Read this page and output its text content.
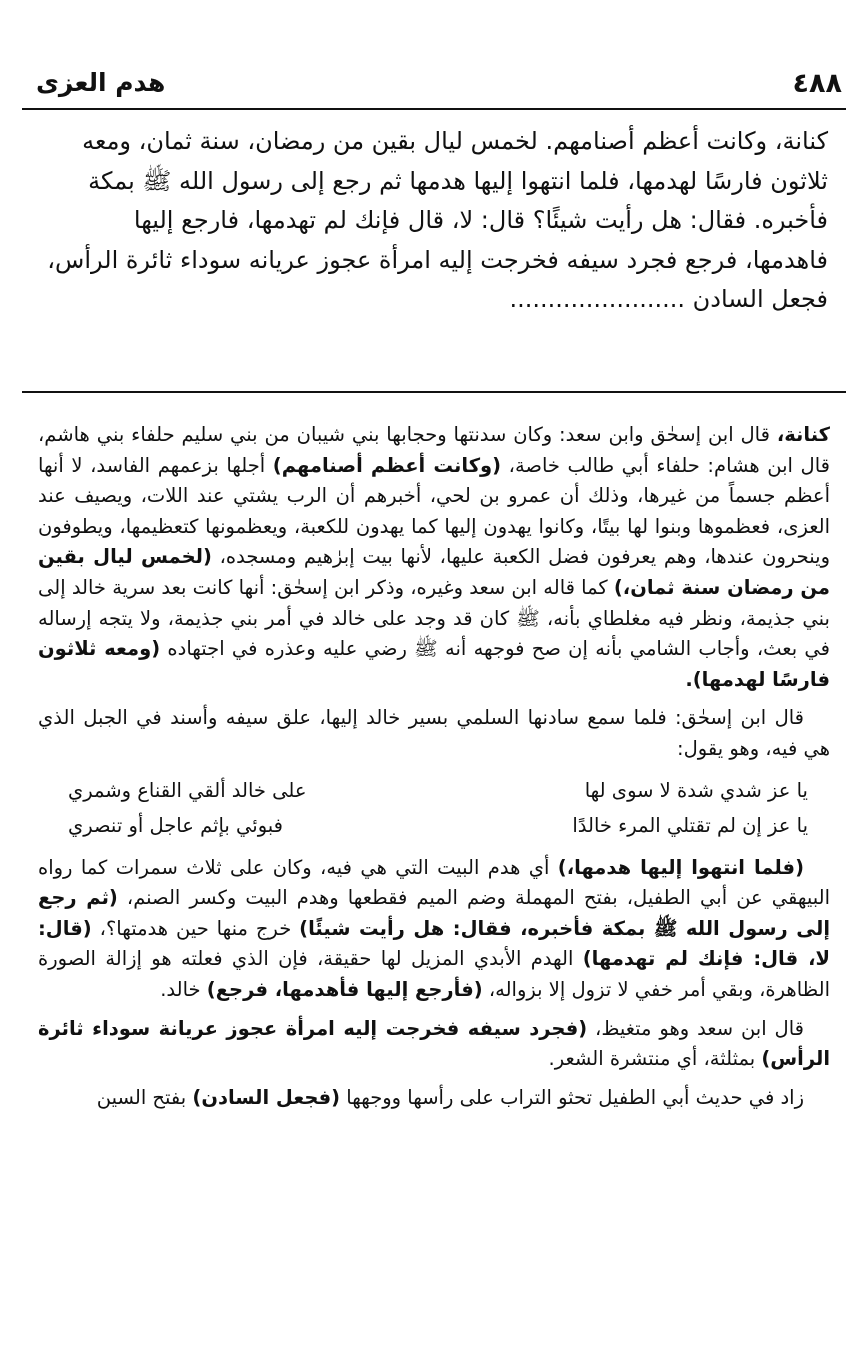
٤٨٨
هدم العزى
كنانة، وكانت أعظم أصنامهم. لخمس ليال بقين من رمضان، سنة ثمان، ومعه
ثلاثون فارسًا لهدمها، فلما انتهوا إليها هدمها ثم رجع إلى رسول الله ﷺ بمكة
فأخبره. فقال: هل رأيت شيئًا؟ قال: لا، قال فإنك لم تهدمها، فارجع إليها
فاهدمها، فرجع فجرد سيفه فخرجت إليه امرأة عجوز عريانه سوداء ثائرة الرأس،
فجعل السادن .......................

كنانة، قال ابن إسحٰق وابن سعد: وكان سدنتها وحجابها بني شيبان من بني سليم حلفاء بني هاشم، قال ابن هشام: حلفاء أبي طالب خاصة، (وكانت أعظم أصنامهم) أجلها بزعمهم الفاسد، لا أنها أعظم جسماً من غيرها، وذلك أن عمرو بن لحي، أخبرهم أن الرب يشتي عند اللات، ويصيف عند العزى، فعظموها وبنوا لها بيتًا، وكانوا يهدون إليها كما يهدون للكعبة، ويعظمونها كتعظيمها، ويطوفون وينحرون عندها، وهم يعرفون فضل الكعبة عليها، لأنها بيت إبرٰهيم ومسجده، (لخمس ليال بقين من رمضان سنة ثمان،) كما قاله ابن سعد وغيره، وذكر ابن إسحٰق: أنها كانت بعد سرية خالد إلى بني جذيمة، ونظر فيه مغلطاي بأنه، ﷺ كان قد وجد على خالد في أمر بني جذيمة، ولا يتجه إرساله في بعث، وأجاب الشامي بأنه إن صح فوجهه أنه ﷺ رضي عليه وعذره في اجتهاده (ومعه ثلاثون فارسًا لهدمها).

قال ابن إسحٰق: فلما سمع سادنها السلمي بسير خالد إليها، علق سيفه وأسند في الجبل الذي هي فيه، وهو يقول:

يا عز شدي شدة لا سوى لها
على خالد ألقي القناع وشمري
يا عز إن لم تقتلي المرء خالدًا
فبوئي بإثم عاجل أو تنصري

(فلما انتهوا إليها هدمها،) أي هدم البيت التي هي فيه، وكان على ثلاث سمرات كما رواه البيهقي عن أبي الطفيل، بفتح المهملة وضم الميم فقطعها وهدم البيت وكسر الصنم، (ثم رجع إلى رسول الله ﷺ بمكة فأخبره، فقال: هل رأيت شيئًا) خرج منها حين هدمتها؟، (قال: لا، قال: فإنك لم تهدمها) الهدم الأبدي المزيل لها حقيقة، فإن الذي فعلته هو إزالة الصورة الظاهرة، وبقي أمر خفي لا تزول إلا بزواله، (فأرجع إليها فأهدمها، فرجع) خالد.

قال ابن سعد وهو متغيظ، (فجرد سيفه فخرجت إليه امرأة عجوز عريانة سوداء ثائرة الرأس) بمثلثة، أي منتشرة الشعر.

زاد في حديث أبي الطفيل تحثو التراب على رأسها ووجهها (فجعل السادن) بفتح السين
